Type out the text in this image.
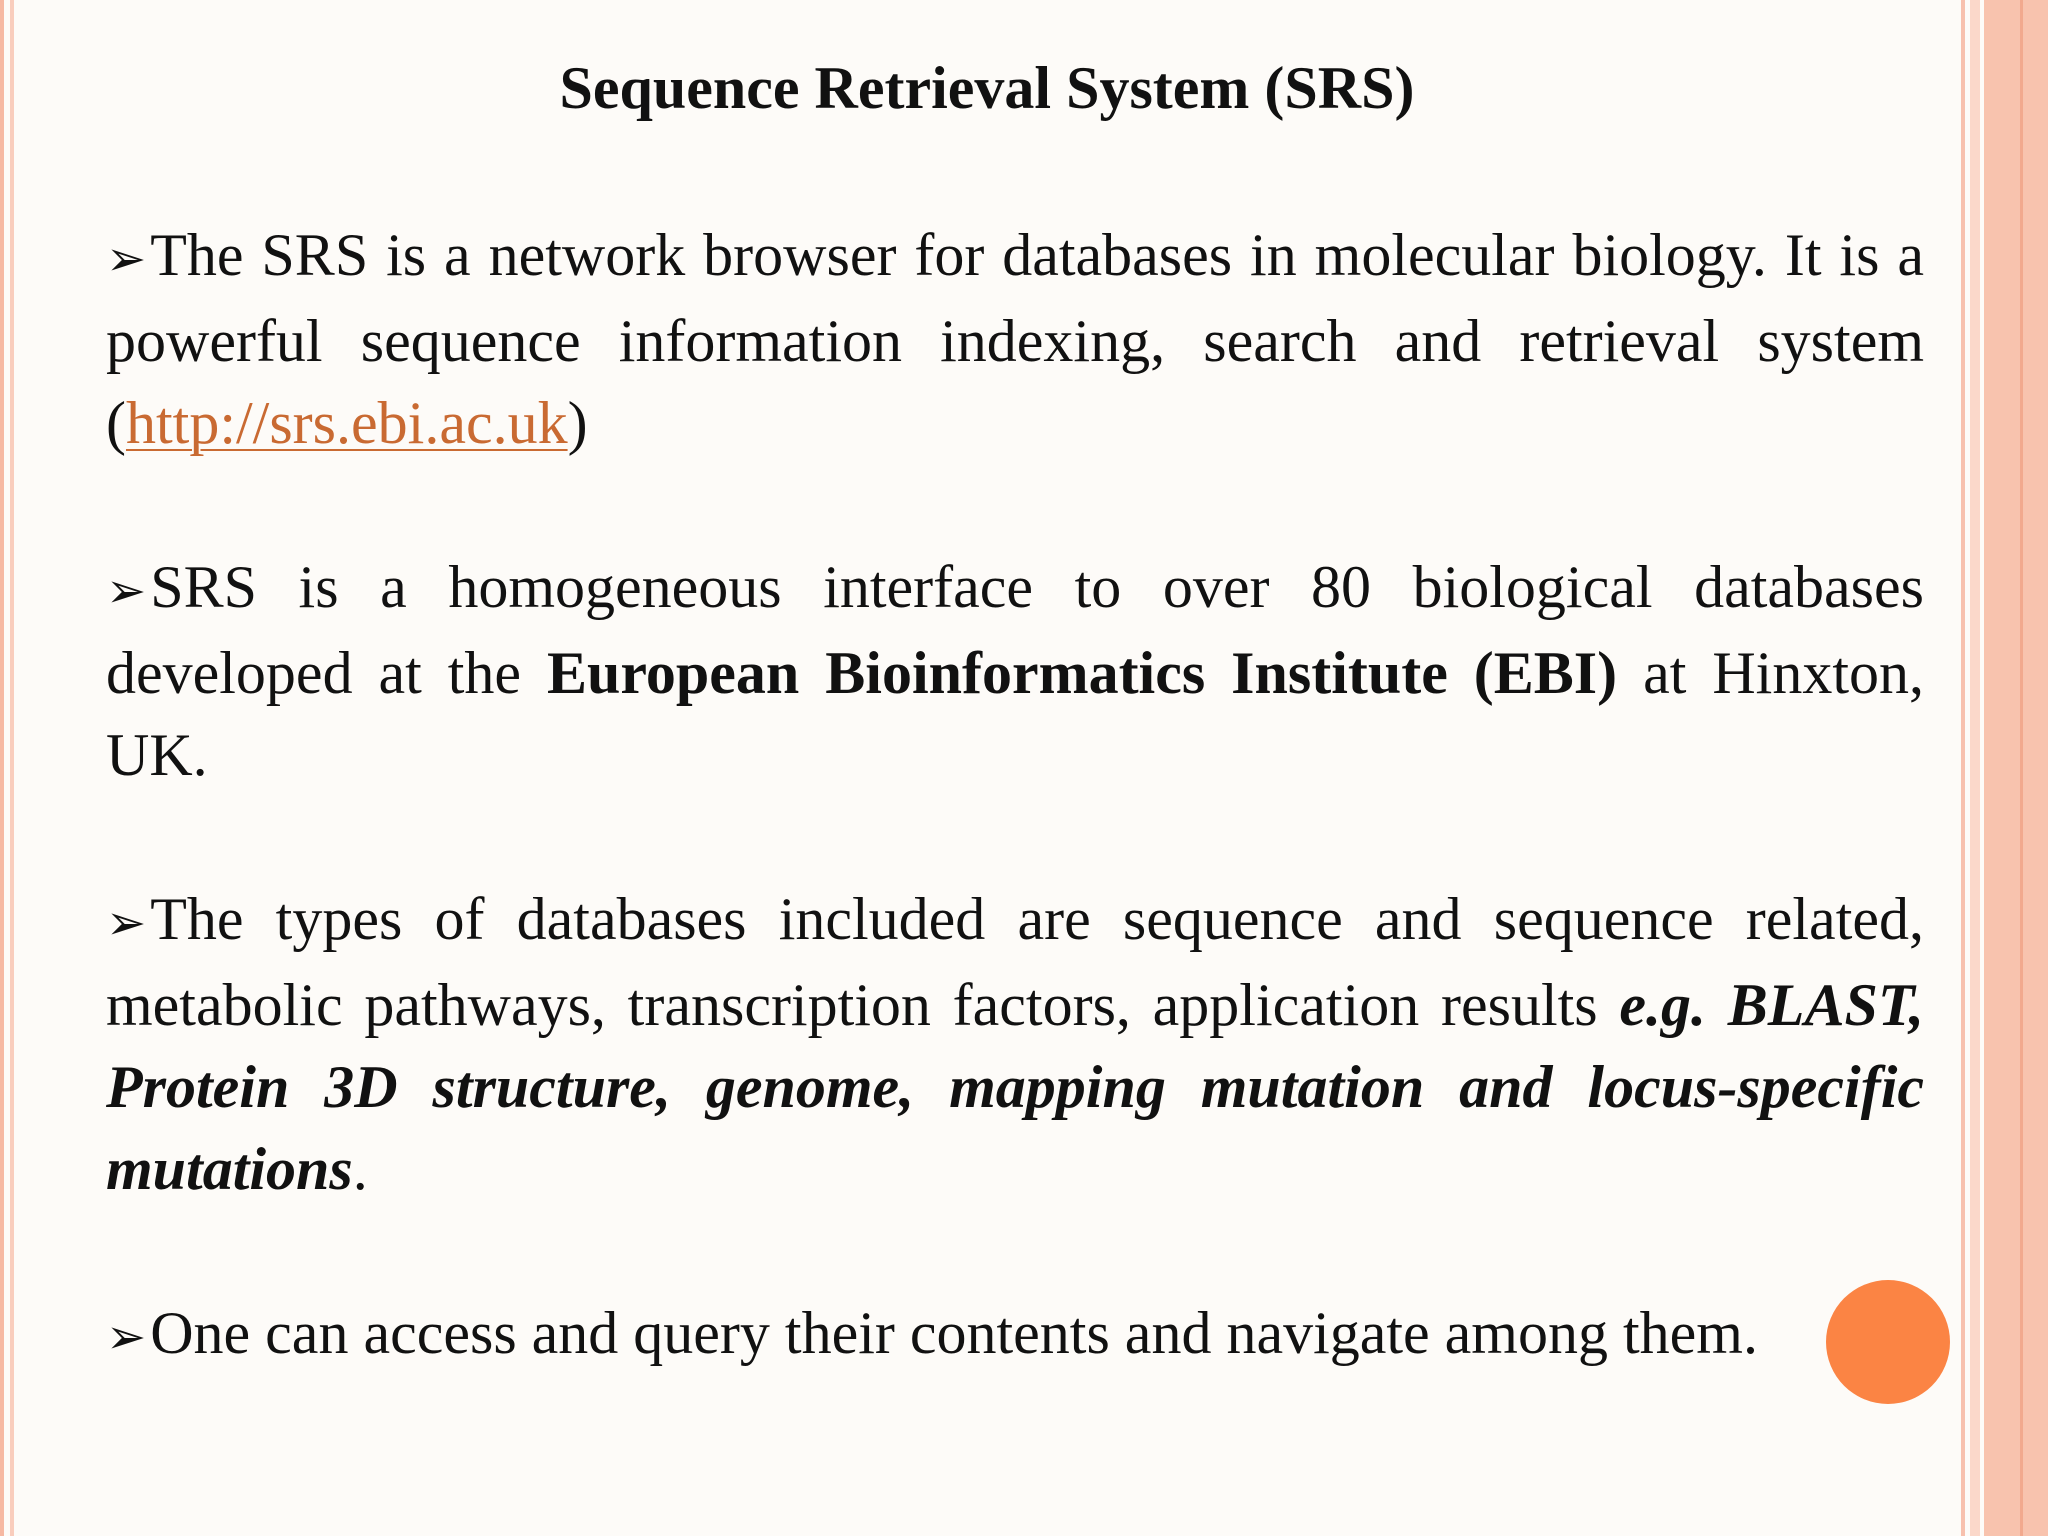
Sequence Retrieval System (SRS)

➢The SRS is a network browser for databases in molecular biology. It is a powerful sequence information indexing, search and retrieval system (http://srs.ebi.ac.uk)

➢SRS is a homogeneous interface to over 80 biological databases developed at the European Bioinformatics Institute (EBI) at Hinxton, UK.

➢The types of databases included are sequence and sequence related, metabolic pathways, transcription factors, application results e.g. BLAST, Protein 3D structure, genome, mapping mutation and locus-specific mutations.

➢One can access and query their contents and navigate among them.
